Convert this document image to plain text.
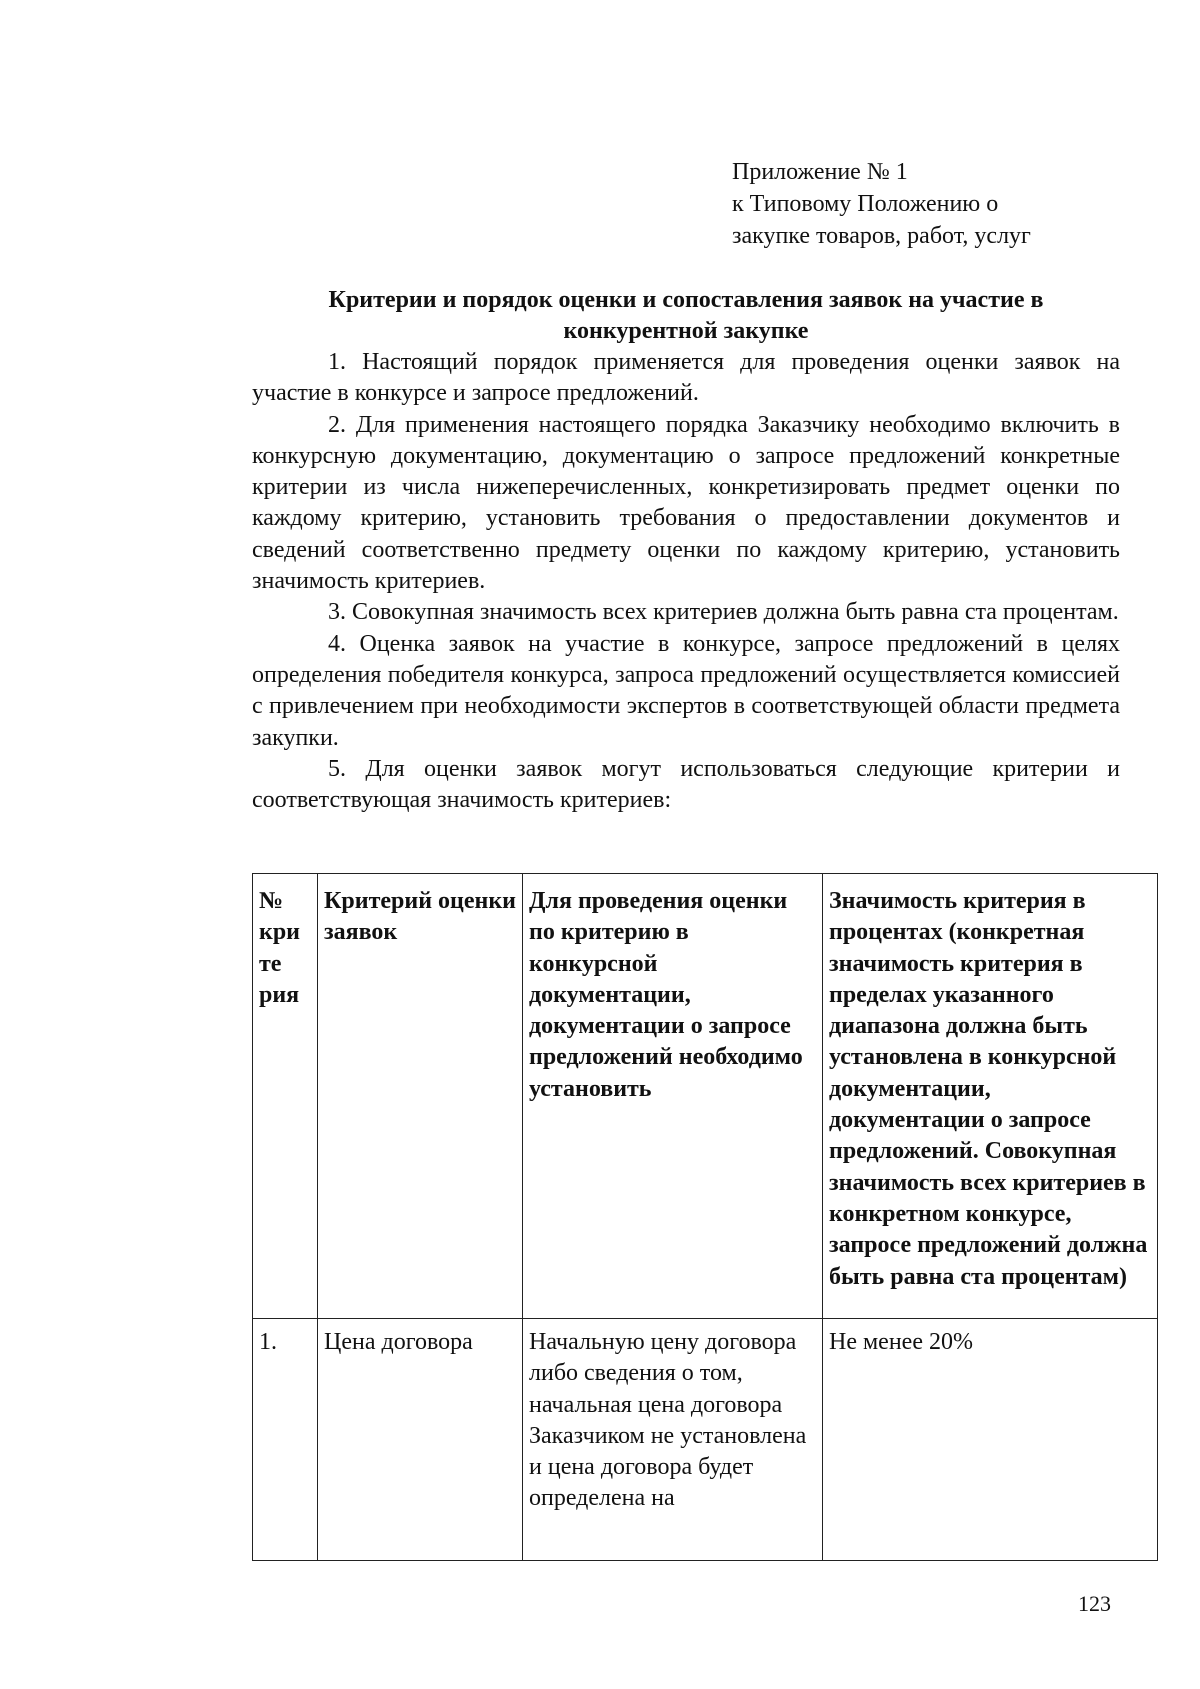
Приложение № 1
к Типовому Положению о
закупке товаров, работ, услуг
Критерии и порядок оценки и сопоставления заявок на участие в
конкурентной закупке

1. Настоящий порядок применяется для проведения оценки заявок на участие в конкурсе и запросе предложений.

2. Для применения настоящего порядка Заказчику необходимо включить в конкурсную документацию, документацию о запросе предложений конкретные критерии из числа нижеперечисленных, конкретизировать предмет оценки по каждому критерию, установить требования о предоставлении документов и сведений соответственно предмету оценки по каждому критерию, установить значимость критериев.

3. Совокупная значимость всех критериев должна быть равна ста процентам.

4. Оценка заявок на участие в конкурсе, запросе предложений в целях определения победителя конкурса, запроса предложений осуществляется комиссией с привлечением при необходимости экспертов в соответствующей области предмета закупки.

5. Для оценки заявок могут использоваться следующие критерии и соответствующая значимость критериев:

№ кри те рия	Критерий оценки заявок	Для проведения оценки по критерию в конкурсной документации, документации о запросе предложений необходимо установить	Значимость критерия в процентах (конкретная значимость критерия в пределах указанного диапазона должна быть установлена в конкурсной документации, документации о запросе предложений. Совокупная значимость всех критериев в конкретном конкурсе, запросе предложений должна быть равна ста процентам)
1.	Цена договора	Начальную цену договора либо сведения о том, начальная цена договора Заказчиком не установлена и цена договора будет определена на	Не менее 20%
123
